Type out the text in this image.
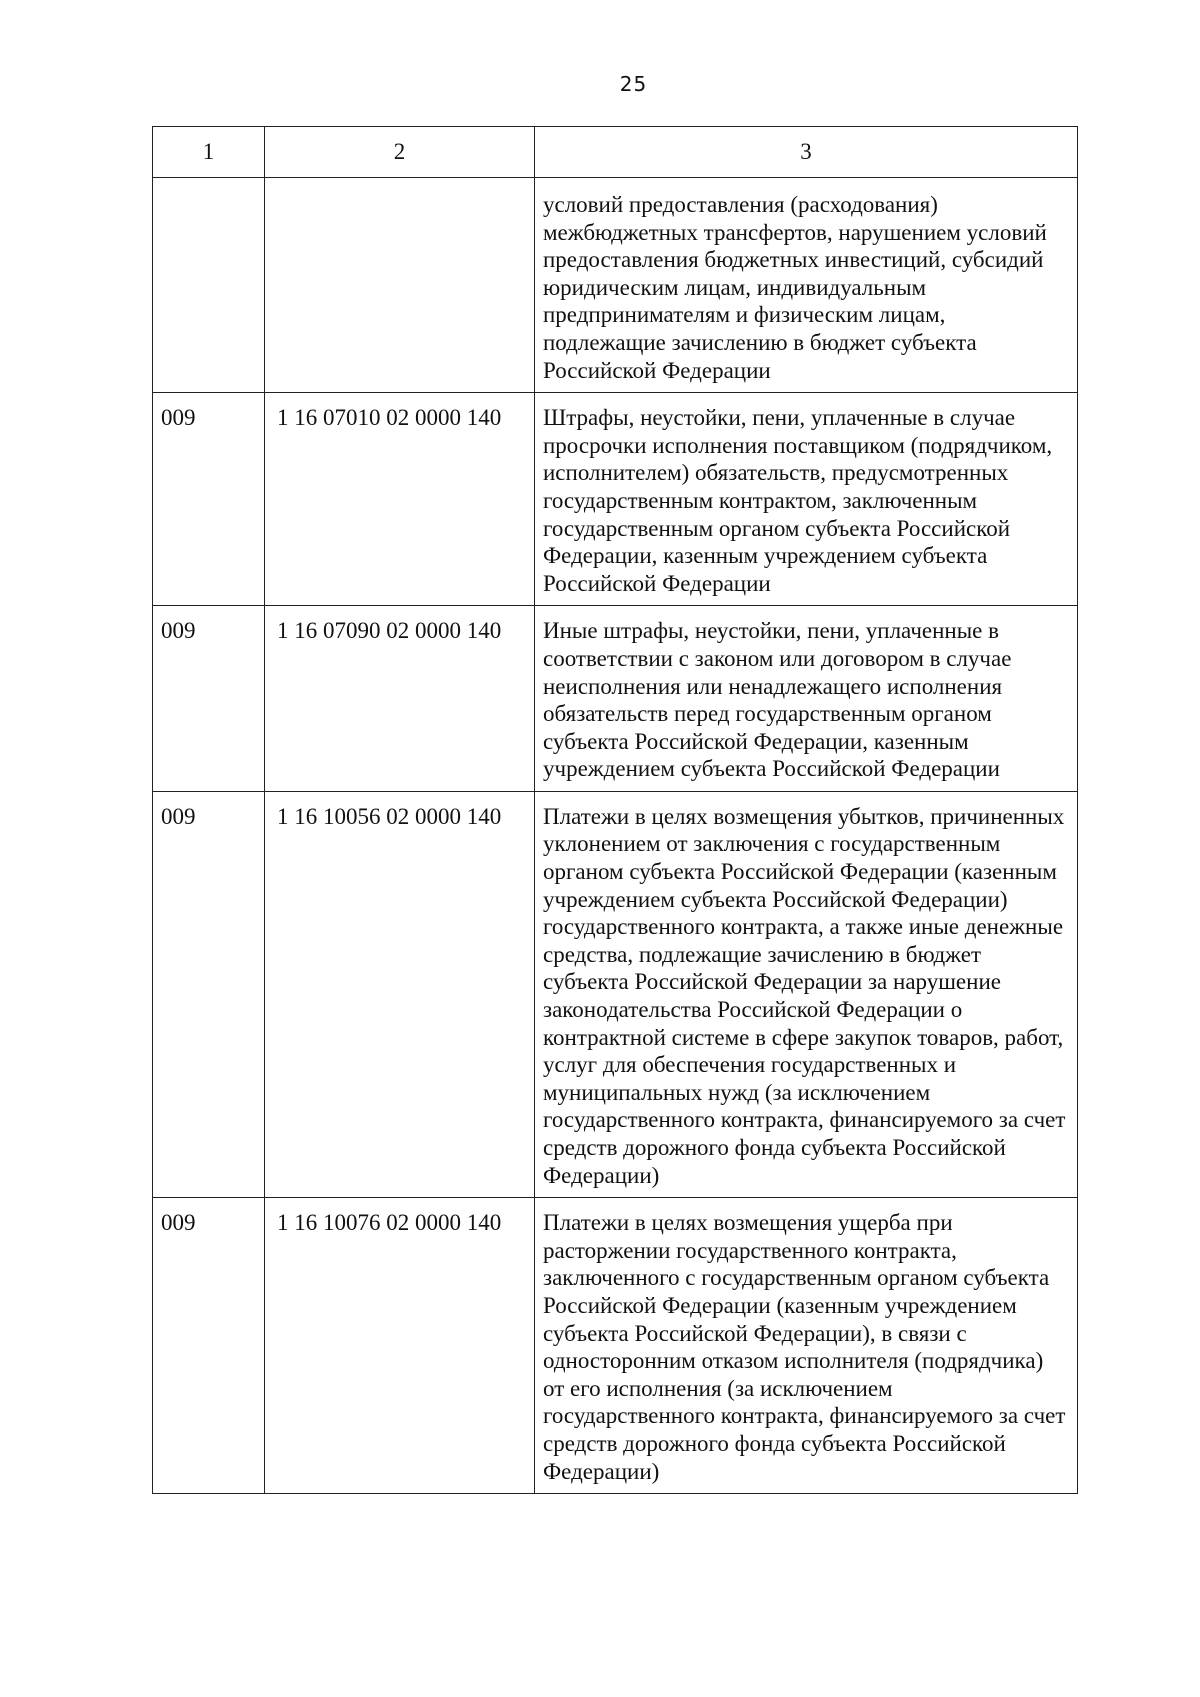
25
1	2	3
		условий предоставления (расходования) межбюджетных трансфертов, нарушением условий предоставления бюджетных инвестиций, субсидий юридическим лицам, индивидуальным предпринимателям и физическим лицам, подлежащие зачислению в бюджет субъекта Российской Федерации
009	1 16 07010 02 0000 140	Штрафы, неустойки, пени, уплаченные в случае просрочки исполнения поставщиком (подрядчиком, исполнителем) обязательств, предусмотренных государственным контрактом, заключенным государственным органом субъекта Российской Федерации, казенным учреждением субъекта Российской Федерации
009	1 16 07090 02 0000 140	Иные штрафы, неустойки, пени, уплаченные в соответствии с законом или договором в случае неисполнения или ненадлежащего исполнения обязательств перед государственным органом субъекта Российской Федерации, казенным учреждением субъекта Российской Федерации
009	1 16 10056 02 0000 140	Платежи в целях возмещения убытков, причиненных уклонением от заключения с государственным органом субъекта Российской Федерации (казенным учреждением субъекта Российской Федерации) государственного контракта, а также иные денежные средства, подлежащие зачислению в бюджет субъекта Российской Федерации за нарушение законодательства Российской Федерации о контрактной системе в сфере закупок товаров, работ, услуг для обеспечения государственных и муниципальных нужд (за исключением государственного контракта, финансируемого за счет средств дорожного фонда субъекта Российской Федерации)
009	1 16 10076 02 0000 140	Платежи в целях возмещения ущерба при расторжении государственного контракта, заключенного с государственным органом субъекта Российской Федерации (казенным учреждением субъекта Российской Федерации), в связи с односторонним отказом исполнителя (подрядчика) от его исполнения (за исключением государственного контракта, финансируемого за счет средств дорожного фонда субъекта Российской Федерации)
